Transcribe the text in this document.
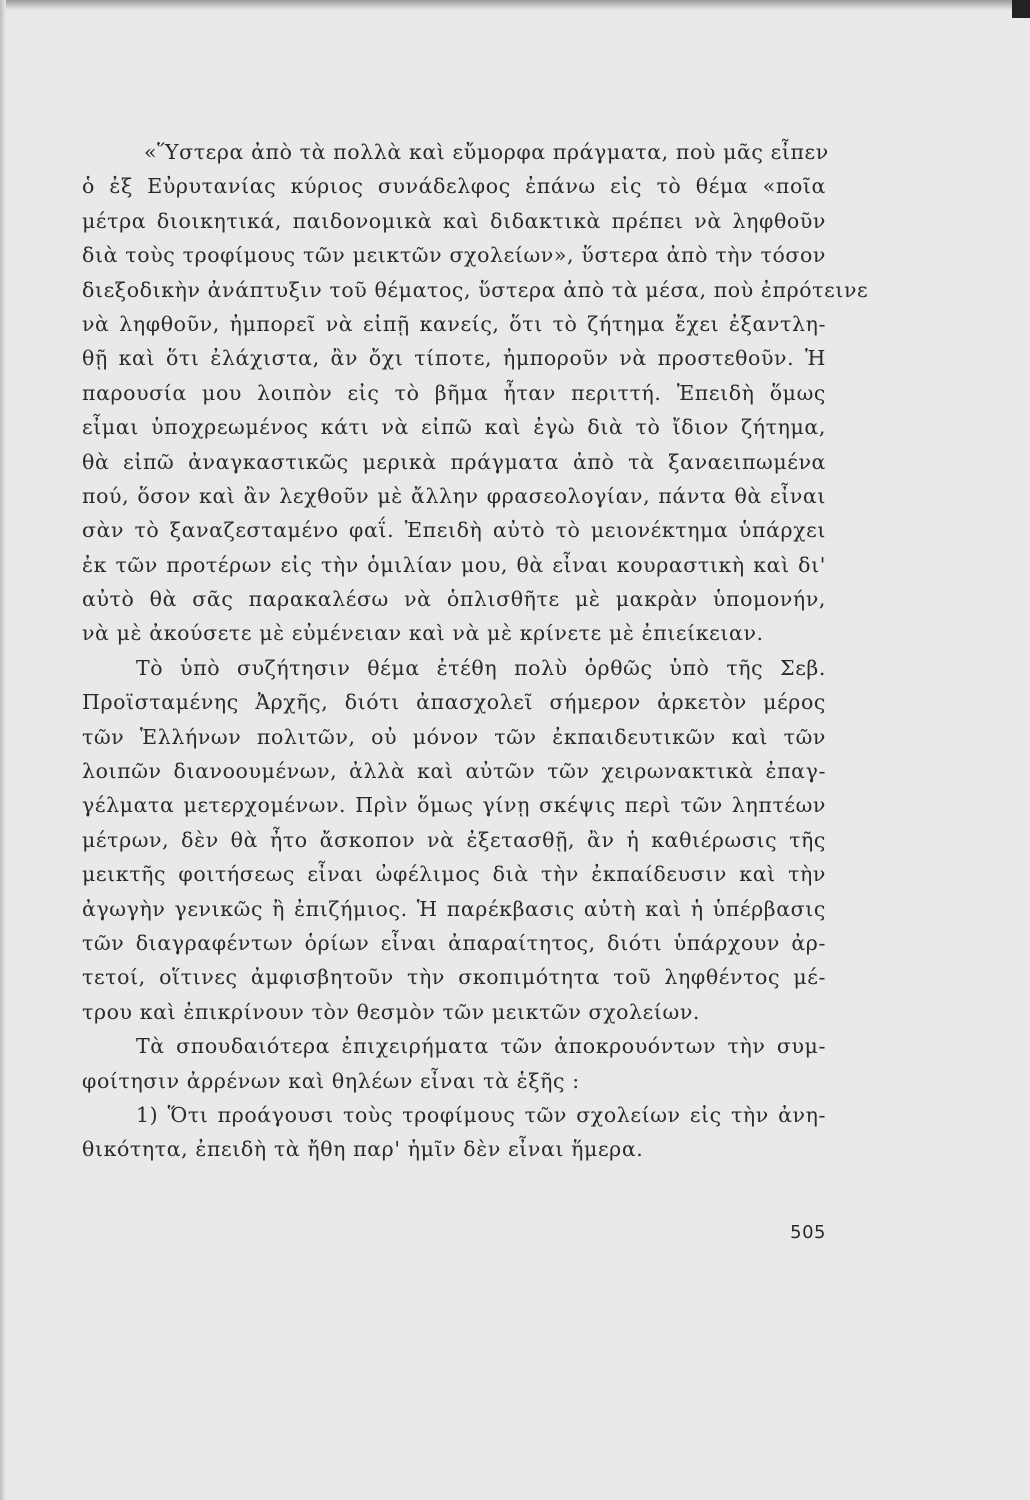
«Ὕστερα ἀπὸ τὰ πολλὰ καὶ εὔμορφα πράγματα, ποὺ μᾶς εἶπεν
ὁ ἐξ Εὐρυτανίας κύριος συνάδελφος ἐπάνω εἰς τὸ θέμα «ποῖα
μέτρα διοικητικά, παιδονομικὰ καὶ διδακτικὰ πρέπει νὰ ληφθοῦν
διὰ τοὺς τροφίμους τῶν μεικτῶν σχολείων», ὕστερα ἀπὸ τὴν τόσον
διεξοδικὴν ἀνάπτυξιν τοῦ θέματος, ὕστερα ἀπὸ τὰ μέσα, ποὺ ἐπρότεινε
νὰ ληφθοῦν, ἠμπορεῖ νὰ εἰπῇ κανείς, ὅτι τὸ ζήτημα ἔχει ἐξαντλη-
θῇ καὶ ὅτι ἐλάχιστα, ἂν ὄχι τίποτε, ἠμποροῦν νὰ προστεθοῦν. Ἡ
παρουσία μου λοιπὸν εἰς τὸ βῆμα ἦταν περιττή. Ἐπειδὴ ὅμως
εἶμαι ὑποχρεωμένος κάτι νὰ εἰπῶ καὶ ἐγὼ διὰ τὸ ἴδιον ζήτημα,
θὰ εἰπῶ ἀναγκαστικῶς μερικὰ πράγματα ἀπὸ τὰ ξαναειπωμένα
πού, ὅσον καὶ ἂν λεχθοῦν μὲ ἄλλην φρασεολογίαν, πάντα θὰ εἶναι
σὰν τὸ ξαναζεσταμένο φαΐ. Ἐπειδὴ αὐτὸ τὸ μειονέκτημα ὑπάρχει
ἐκ τῶν προτέρων εἰς τὴν ὁμιλίαν μου, θὰ εἶναι κουραστικὴ καὶ δι'
αὐτὸ θὰ σᾶς παρακαλέσω νὰ ὁπλισθῆτε μὲ μακρὰν ὑπομονήν,
νὰ μὲ ἀκούσετε μὲ εὐμένειαν καὶ νὰ μὲ κρίνετε μὲ ἐπιείκειαν.
Τὸ ὑπὸ συζήτησιν θέμα ἐτέθη πολὺ ὀρθῶς ὑπὸ τῆς Σεβ.
Προϊσταμένης Ἀρχῆς, διότι ἀπασχολεῖ σήμερον ἀρκετὸν μέρος
τῶν Ἑλλήνων πολιτῶν, οὐ μόνον τῶν ἐκπαιδευτικῶν καὶ τῶν
λοιπῶν διανοουμένων, ἀλλὰ καὶ αὐτῶν τῶν χειρωνακτικὰ ἐπαγ-
γέλματα μετερχομένων. Πρὶν ὅμως γίνῃ σκέψις περὶ τῶν ληπτέων
μέτρων, δὲν θὰ ἦτο ἄσκοπον νὰ ἐξετασθῇ, ἂν ἡ καθιέρωσις τῆς
μεικτῆς φοιτήσεως εἶναι ὠφέλιμος διὰ τὴν ἐκπαίδευσιν καὶ τὴν
ἀγωγὴν γενικῶς ἢ ἐπιζήμιος. Ἡ παρέκβασις αὐτὴ καὶ ἡ ὑπέρβασις
τῶν διαγραφέντων ὁρίων εἶναι ἀπαραίτητος, διότι ὑπάρχουν ἀρ-
τετοί, οἵτινες ἀμφισβητοῦν τὴν σκοπιμότητα τοῦ ληφθέντος μέ-
τρου καὶ ἐπικρίνουν τὸν θεσμὸν τῶν μεικτῶν σχολείων.
Τὰ σπουδαιότερα ἐπιχειρήματα τῶν ἀποκρουόντων τὴν συμ-
φοίτησιν ἀρρένων καὶ θηλέων εἶναι τὰ ἑξῆς :
1) Ὅτι προάγουσι τοὺς τροφίμους τῶν σχολείων εἰς τὴν ἀνη-
θικότητα, ἐπειδὴ τὰ ἤθη παρ' ἡμῖν δὲν εἶναι ἥμερα.
505
